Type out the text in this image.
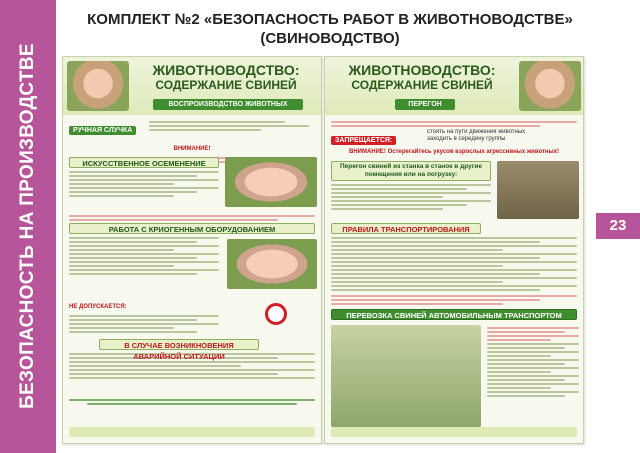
БЕЗОПАСНОСТЬ НА ПРОИЗВОДСТВЕ	23
КОМПЛЕКТ №2 «БЕЗОПАСНОСТЬ РАБОТ В ЖИВОТНОВОДСТВЕ»
(СВИНОВОДСТВО)
ЖИВОТНОВОДСТВО:
СОДЕРЖАНИЕ СВИНЕЙ
ВОСПРОИЗВОДСТВО ЖИВОТНЫХ
РУЧНАЯ СЛУЧКА
ВНИМАНИЕ!
ИСКУССТВЕННОЕ ОСЕМЕНЕНИЕ
РАБОТА С КРИОГЕННЫМ ОБОРУДОВАНИЕМ
НЕ ДОПУСКАЕТСЯ:
В СЛУЧАЕ ВОЗНИКНОВЕНИЯ АВАРИЙНОЙ СИТУАЦИИ
ЖИВОТНОВОДСТВО:
СОДЕРЖАНИЕ СВИНЕЙ
ПЕРЕГОН
ЗАПРЕЩАЕТСЯ:
стоять на пути движения животных
заходить в середину группы
ВНИМАНИЕ! Остерегайтесь укусов взрослых агрессивных животных!
Перегон свиней из станка в станок в другие помещения или на погрузку:
ПРАВИЛА ТРАНСПОРТИРОВАНИЯ
ПЕРЕВОЗКА СВИНЕЙ АВТОМОБИЛЬНЫМ ТРАНСПОРТОМ
